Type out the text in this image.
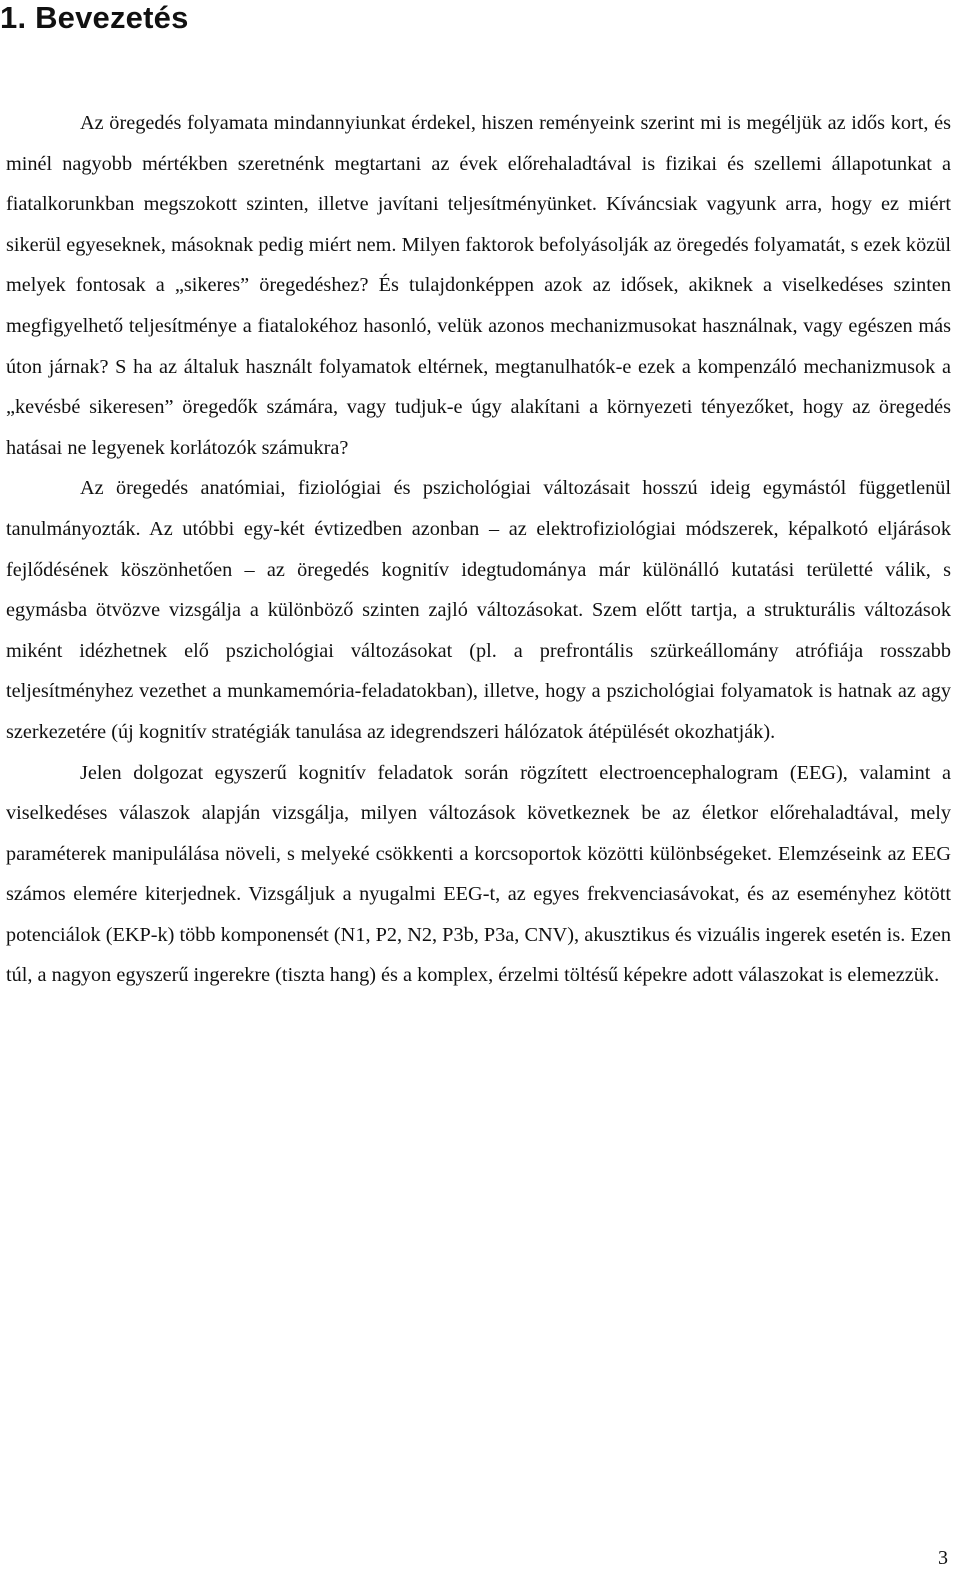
1. Bevezetés

Az öregedés folyamata mindannyiunkat érdekel, hiszen reményeink szerint mi is megéljük az idős kort, és minél nagyobb mértékben szeretnénk megtartani az évek előrehaladtával is fizikai és szellemi állapotunkat a fiatalkorunkban megszokott szinten, illetve javítani teljesítményünket. Kíváncsiak vagyunk arra, hogy ez miért sikerül egyeseknek, másoknak pedig miért nem. Milyen faktorok befolyásolják az öregedés folyamatát, s ezek közül melyek fontosak a „sikeres” öregedéshez? És tulajdonképpen azok az idősek, akiknek a viselkedéses szinten megfigyelhető teljesítménye a fiatalokéhoz hasonló, velük azonos mechanizmusokat használnak, vagy egészen más úton járnak? S ha az általuk használt folyamatok eltérnek, megtanulhatók-e ezek a kompenzáló mechanizmusok a „kevésbé sikeresen” öregedők számára, vagy tudjuk-e úgy alakítani a környezeti tényezőket, hogy az öregedés hatásai ne legyenek korlátozók számukra?

Az öregedés anatómiai, fiziológiai és pszichológiai változásait hosszú ideig egymástól függetlenül tanulmányozták. Az utóbbi egy-két évtizedben azonban – az elektrofiziológiai módszerek, képalkotó eljárások fejlődésének köszönhetően – az öregedés kognitív idegtudománya már különálló kutatási területté válik, s egymásba ötvözve vizsgálja a különböző szinten zajló változásokat. Szem előtt tartja, a strukturális változások miként idézhetnek elő pszichológiai változásokat (pl. a prefrontális szürkeállomány atrófiája rosszabb teljesítményhez vezethet a munkamemória-feladatokban), illetve, hogy a pszichológiai folyamatok is hatnak az agy szerkezetére (új kognitív stratégiák tanulása az idegrendszeri hálózatok átépülését okozhatják).

Jelen dolgozat egyszerű kognitív feladatok során rögzített electroencephalogram (EEG), valamint a viselkedéses válaszok alapján vizsgálja, milyen változások következnek be az életkor előrehaladtával, mely paraméterek manipulálása növeli, s melyeké csökkenti a korcsoportok közötti különbségeket. Elemzéseink az EEG számos elemére kiterjednek. Vizsgáljuk a nyugalmi EEG-t, az egyes frekvenciasávokat, és az eseményhez kötött potenciálok (EKP-k) több komponensét (N1, P2, N2, P3b, P3a, CNV), akusztikus és vizuális ingerek esetén is. Ezen túl, a nagyon egyszerű ingerekre (tiszta hang) és a komplex, érzelmi töltésű képekre adott válaszokat is elemezzük.

3
